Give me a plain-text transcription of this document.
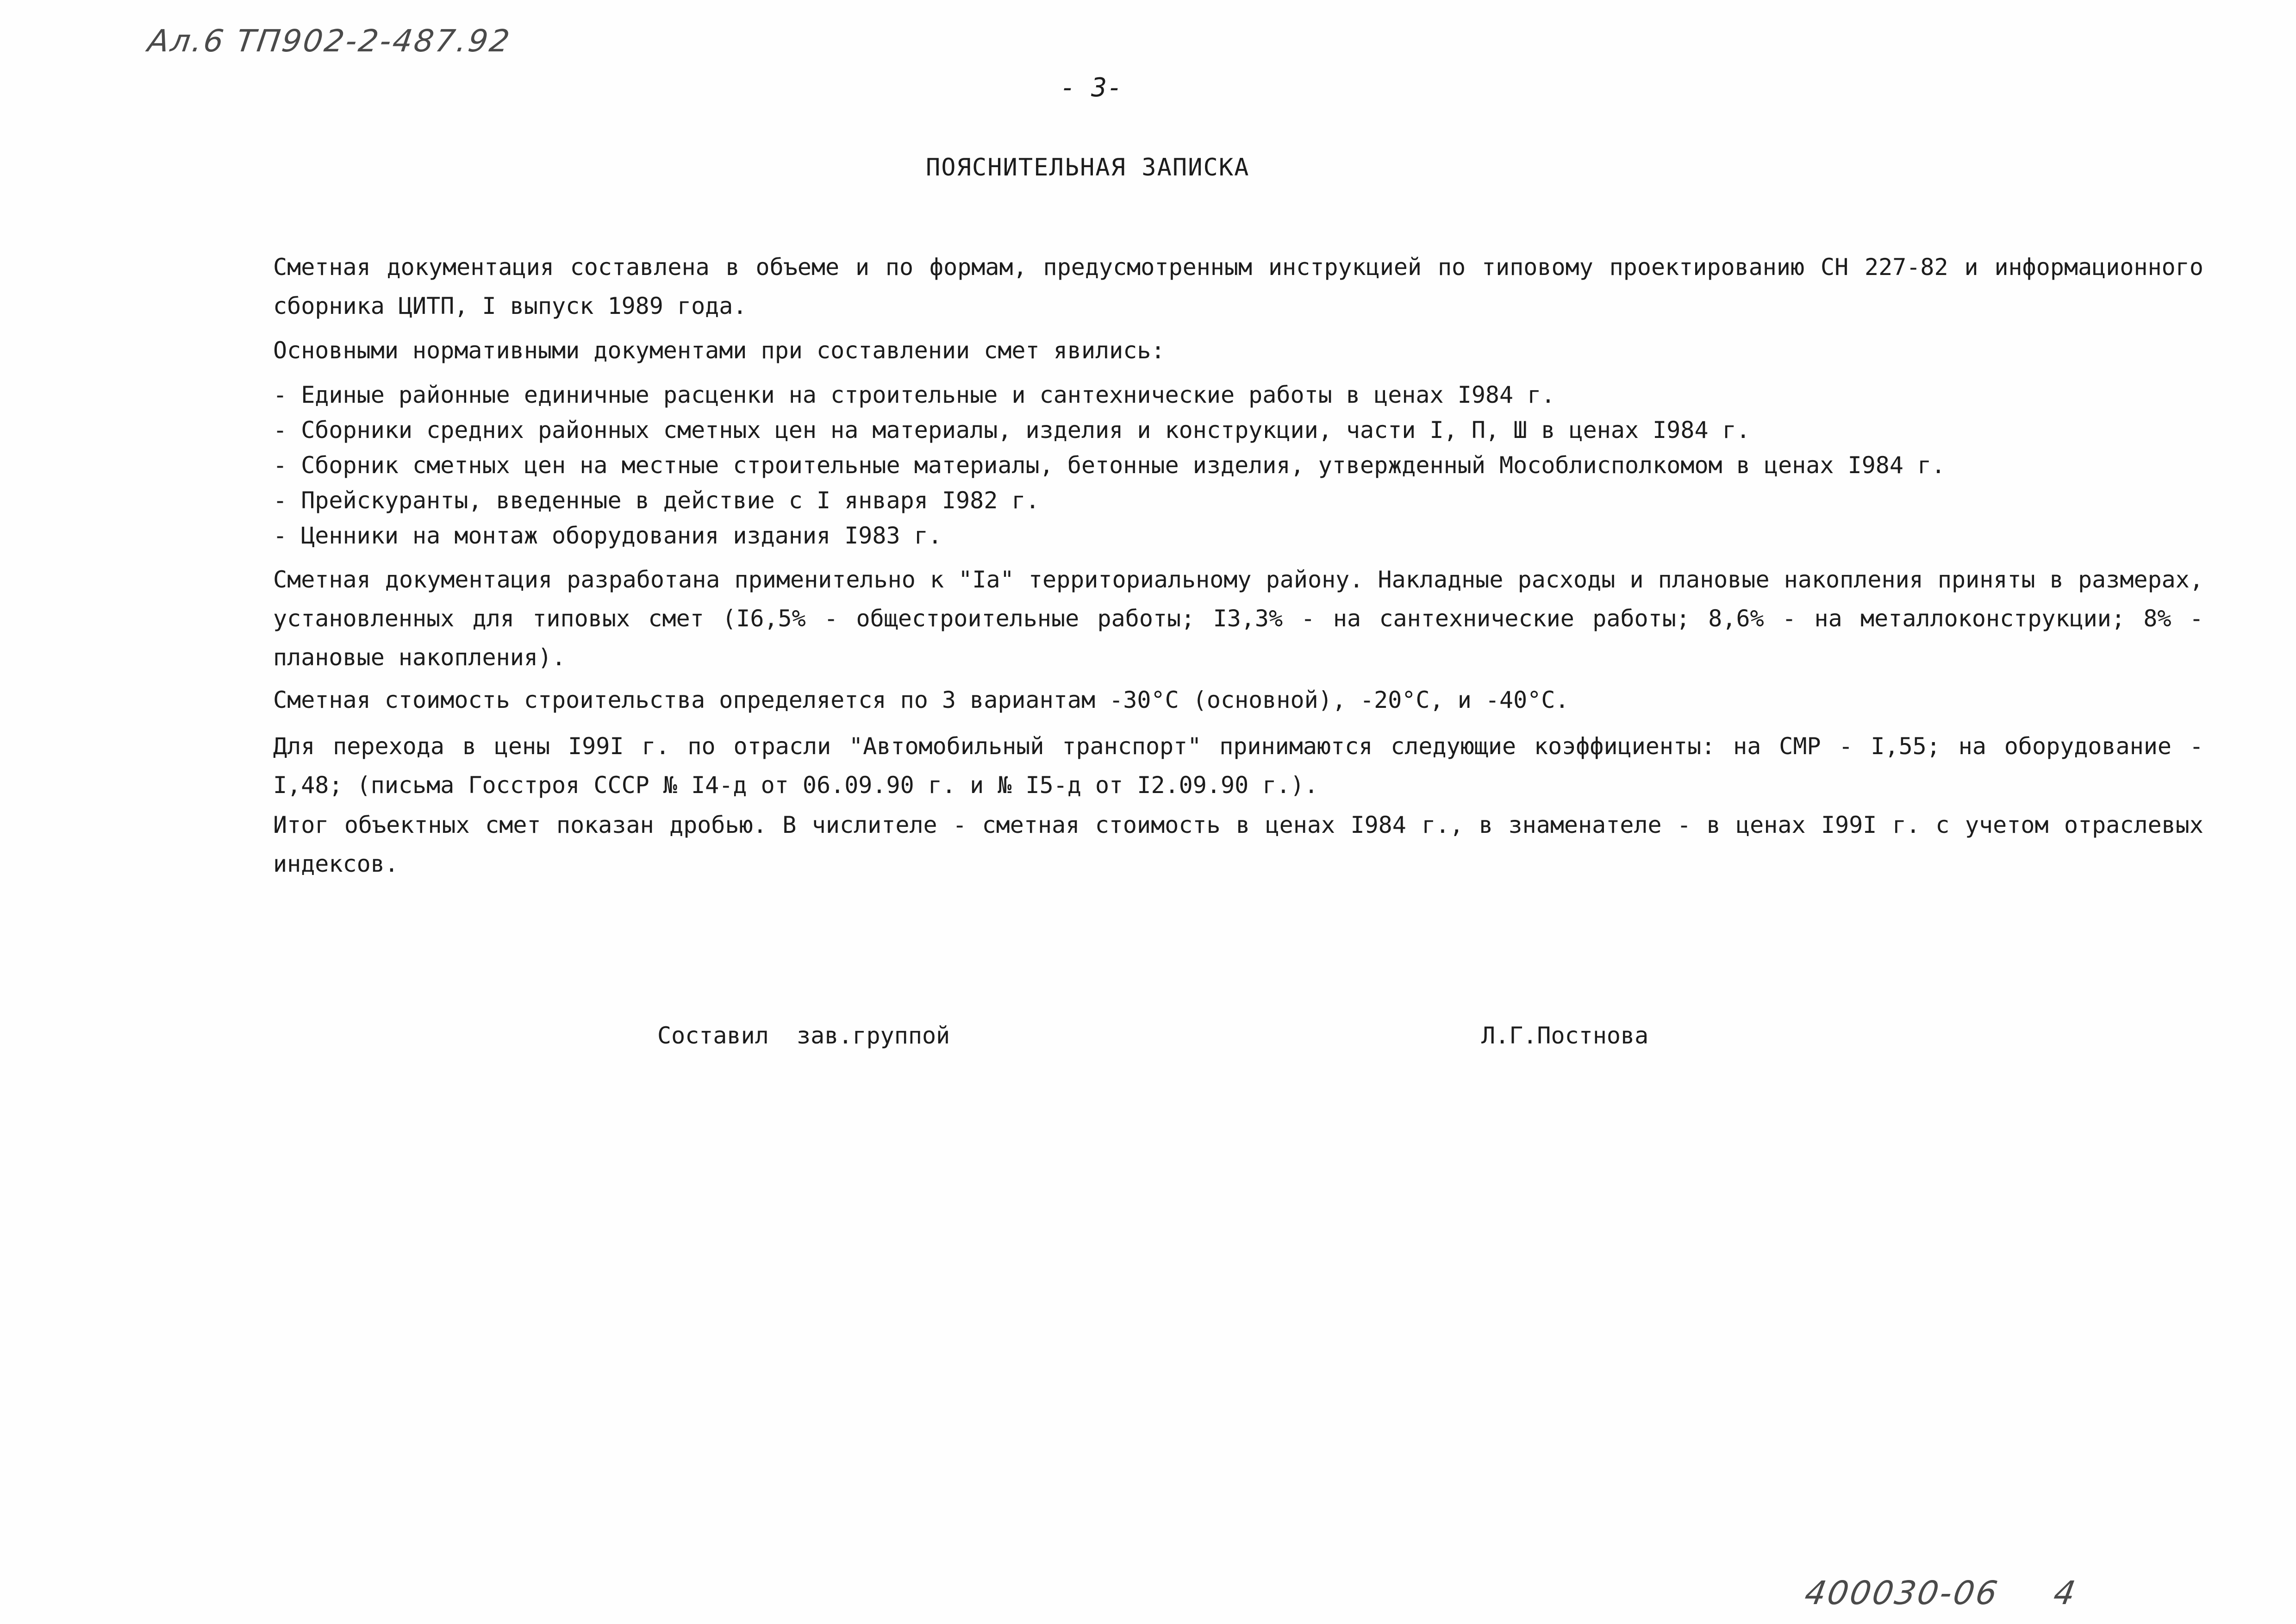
Ал.6 ТП902-2-487.92
- 3-
ПОЯСНИТЕЛЬНАЯ ЗАПИСКА
Сметная документация составлена в объеме и по формам, предусмотренным инструкцией по типовому проектированию СН 227-82 и информационного сборника ЦИТП, I выпуск 1989 года.
Основными нормативными документами при составлении смет явились:
- Единые районные единичные расценки на строительные и сантехнические работы в ценах I984 г.
- Сборники средних районных сметных цен на материалы, изделия и конструкции, части I, П, Ш в ценах I984 г.
- Сборник сметных цен на местные строительные материалы, бетонные изделия, утвержденный Мособлисполкомом в ценах I984 г.
- Прейскуранты, введенные в действие с I января I982 г.
- Ценники на монтаж оборудования издания I983 г.
Сметная документация разработана применительно к "Iа" территориальному району. Накладные расходы и плановые накопления приняты в размерах, установленных для типовых смет (I6,5% - общестроительные работы; I3,3% - на сантехнические работы; 8,6% - на металлоконструкции; 8% - плановые накопления).
Сметная стоимость строительства определяется по 3 вариантам -30°С (основной), -20°С, и -40°С.
Для перехода в цены I99I г. по отрасли "Автомобильный транспорт" принимаются следующие коэффициенты: на СМР - I,55; на оборудование - I,48; (письма Госстроя СССР № I4-д от 06.09.90 г. и № I5-д от I2.09.90 г.).
Итог объектных смет показан дробью. В числителе - сметная стоимость в ценах I984 г., в знаменателе - в ценах I99I г. с учетом отраслевых индексов.
Составил  зав.группой	Л.Г.Постнова
400030-06 4
